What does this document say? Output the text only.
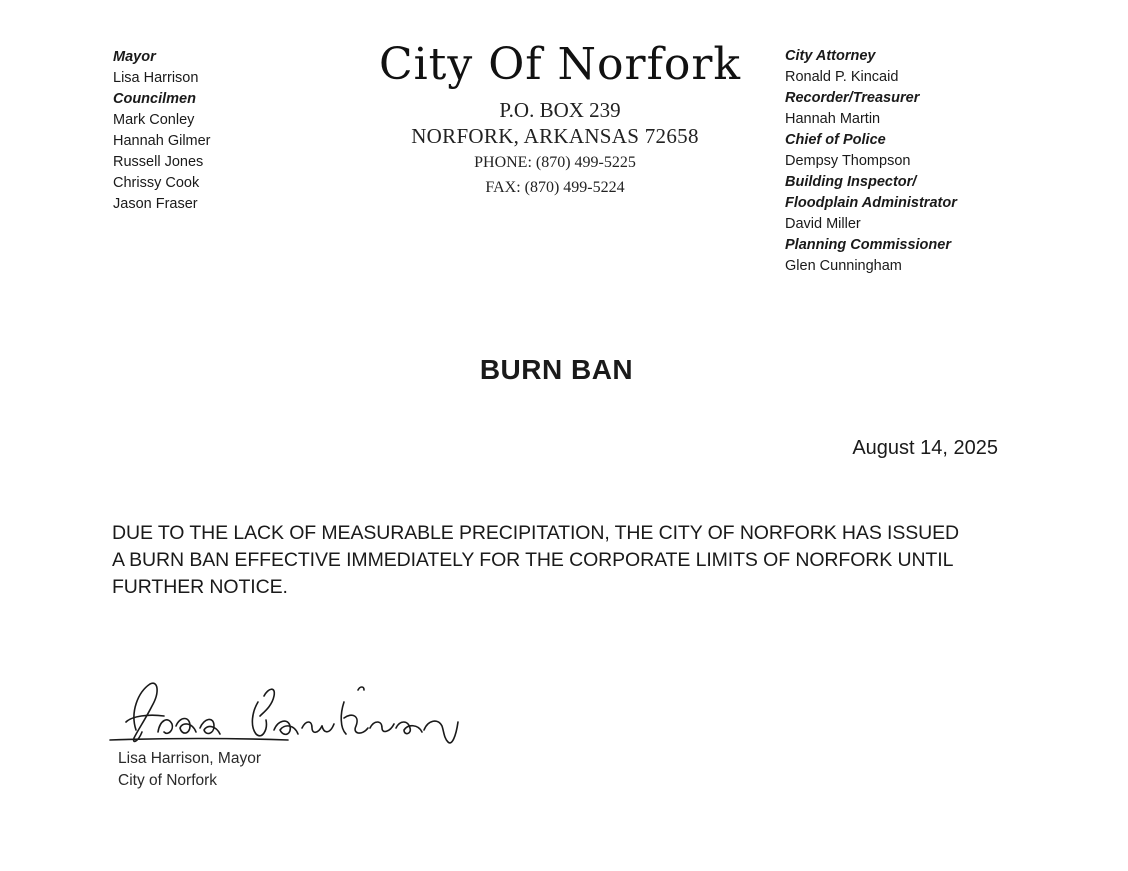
Mayor
Lisa Harrison
Councilmen
Mark Conley
Hannah Gilmer
Russell Jones
Chrissy Cook
Jason Fraser
City Of Norfork
P.O. BOX 239
NORFORK, ARKANSAS 72658
PHONE: (870) 499-5225
FAX: (870) 499-5224
City Attorney
Ronald P. Kincaid
Recorder/Treasurer
Hannah Martin
Chief of Police
Dempsy Thompson
Building Inspector/
Floodplain Administrator
David Miller
Planning Commissioner
Glen Cunningham
BURN BAN
August 14, 2025
DUE TO THE LACK OF MEASURABLE PRECIPITATION, THE CITY OF NORFORK HAS ISSUED
A BURN BAN EFFECTIVE IMMEDIATELY FOR THE CORPORATE LIMITS OF NORFORK UNTIL
FURTHER NOTICE.
Lisa Harrison, Mayor
City of Norfork
